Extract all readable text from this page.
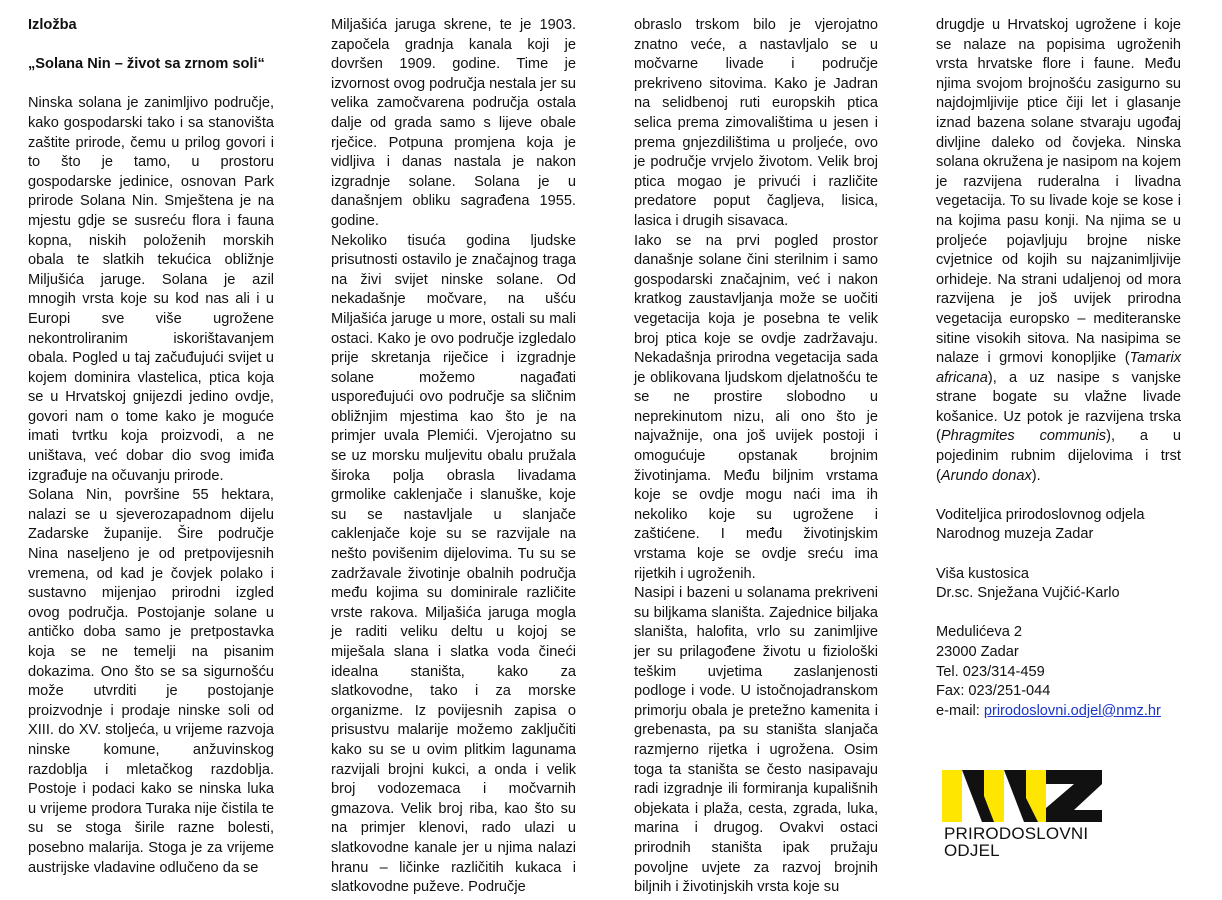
Izložba

„Solana Nin – život sa zrnom soli“

Ninska solana je zanimljivo područje, kako gospodarski tako i sa stanovišta zaštite prirode, čemu u prilog govori i to što je tamo, u prostoru gospodarske jedinice, osnovan Park prirode Solana Nin. Smještena je na mjestu gdje se susreću flora i fauna kopna, niskih položenih morskih obala te slatkih tekućica obližnje Miljušića jaruge. Solana je azil mnogih vrsta koje su kod nas ali i u Europi sve više ugrožene nekontroliranim iskorištavanjem obala. Pogled u taj začuđujući svijet u kojem dominira vlastelica, ptica koja se u Hrvatskoj gnijezdi jedino ovdje, govori nam o tome kako je moguće imati tvrtku koja proizvodi, a ne uništava, već dobar dio svog imiđa izgrađuje na očuvanju prirode.

Solana Nin, površine 55 hektara, nalazi se u sjeverozapadnom dijelu Zadarske županije. Šire područje Nina naseljeno je od pretpovijesnih vremena, od kad je čovjek polako i sustavno mijenjao prirodni izgled ovog područja. Postojanje solane u antičko doba samo je pretpostavka koja se ne temelji na pisanim dokazima. Ono što se sa sigurnošću može utvrditi je postojanje proizvodnje i prodaje ninske soli od XIII. do XV. stoljeća, u vrijeme razvoja ninske komune, anžuvinskog razdoblja i mletačkog razdoblja. Postoje i podaci kako se ninska luka u vrijeme prodora Turaka nije čistila te su se stoga širile razne bolesti, posebno malarija. Stoga je za vrijeme austrijske vladavine odlučeno da se

Miljašića jaruga skrene, te je 1903. započela gradnja kanala koji je dovršen 1909. godine. Time je izvornost ovog područja nestala jer su velika zamočvarena područja ostala dalje od grada samo s lijeve obale rječice. Potpuna promjena koja je vidljiva i danas nastala je nakon izgradnje solane. Solana je u današnjem obliku sagrađena 1955. godine.

Nekoliko tisuća godina ljudske prisutnosti ostavilo je značajnog traga na živi svijet ninske solane. Od nekadašnje močvare, na ušću Miljašića jaruge u more, ostali su mali ostaci. Kako je ovo područje izgledalo prije skretanja riječice i izgradnje solane možemo nagađati uspoređujući ovo područje sa sličnim obližnjim mjestima kao što je na primjer uvala Plemići. Vjerojatno su se uz morsku muljevitu obalu pružala široka polja obrasla livadama grmolike caklenjače i slanuške, koje su se nastavljale u slanjače caklenjače koje su se razvijale na nešto povišenim dijelovima. Tu su se zadržavale životinje obalnih područja među kojima su dominirale različite vrste rakova. Miljašića jaruga mogla je raditi veliku deltu u kojoj se miješala slana i slatka voda čineći idealna staništa, kako za slatkovodne, tako i za morske organizme. Iz povijesnih zapisa o prisustvu malarije možemo zaključiti kako su se u ovim plitkim lagunama razvijali brojni kukci, a onda i velik broj vodozemaca i močvarnih gmazova. Velik broj riba, kao što su na primjer klenovi, rado ulazi u slatkovodne kanale jer u njima nalazi hranu – ličinke različitih kukaca i slatkovodne puževe. Područje

obraslo trskom bilo je vjerojatno znatno veće, a nastavljalo se u močvarne livade i područje prekriveno sitovima. Kako je Jadran na selidbenoj ruti europskih ptica selica prema zimovalištima u jesen i prema gnjezdilištima u proljeće, ovo je područje vrvjelo životom. Velik broj ptica mogao je privući i različite predatore poput čagljeva, lisica, lasica i drugih sisavaca.

Iako se na prvi pogled prostor današnje solane čini sterilnim i samo gospodarski značajnim, već i nakon kratkog zaustavljanja može se uočiti vegetacija koja je posebna te velik broj ptica koje se ovdje zadržavaju. Nekadašnja prirodna vegetacija sada je oblikovana ljudskom djelatnošću te se ne prostire slobodno u neprekinutom nizu, ali ono što je najvažnije, ona još uvijek postoji i omogućuje opstanak brojnim životinjama. Među biljnim vrstama koje se ovdje mogu naći ima ih nekoliko koje su ugrožene i zaštićene. I među životinjskim vrstama koje se ovdje sreću ima rijetkih i ugroženih.

Nasipi i bazeni u solanama prekriveni su biljkama slaništa. Zajednice biljaka slaništa, halofita, vrlo su zanimljive jer su prilagođene životu u fiziološki teškim uvjetima zaslanjenosti podloge i vode. U istočnojadranskom primorju obala je pretežno kamenita i grebenasta, pa su staništa slanjača razmjerno rijetka i ugrožena. Osim toga ta staništa se često nasipavaju radi izgradnje ili formiranja kupališnih objekata i plaža, cesta, zgrada, luka, marina i drugog. Ovakvi ostaci prirodnih staništa ipak pružaju povoljne uvjete za razvoj brojnih biljnih i životinjskih vrsta koje su

drugdje u Hrvatskoj ugrožene i koje se nalaze na popisima ugroženih vrsta hrvatske flore i faune. Među njima svojom brojnošću zasigurno su najdojmljivije ptice čiji let i glasanje iznad bazena solane stvaraju ugođaj divljine daleko od čovjeka. Ninska solana okružena je nasipom na kojem je razvijena ruderalna i livadna vegetacija. To su livade koje se kose i na kojima pasu konji. Na njima se u proljeće pojavljuju brojne niske cvjetnice od kojih su najzanimljivije orhideje. Na strani udaljenoj od mora razvijena je još uvijek prirodna vegetacija europsko – mediteranske sitine visokih sitova. Na nasipima se nalaze i grmovi konopljike (Tamarix africana), a uz nasipe s vanjske strane bogate su vlažne livade košanice. Uz potok je razvijena trska (Phragmites communis), a u pojedinim rubnim dijelovima i trst (Arundo donax).

Voditeljica prirodoslovnog odjela

Narodnog muzeja Zadar

Viša kustosica

Dr.sc. Snježana Vujčić-Karlo

Medulićeva 2

23000 Zadar

Tel. 023/314-459

Fax: 023/251-044

e-mail: prirodoslovni.odjel@nmz.hr

PRIRODOSLOVNI
ODJEL
